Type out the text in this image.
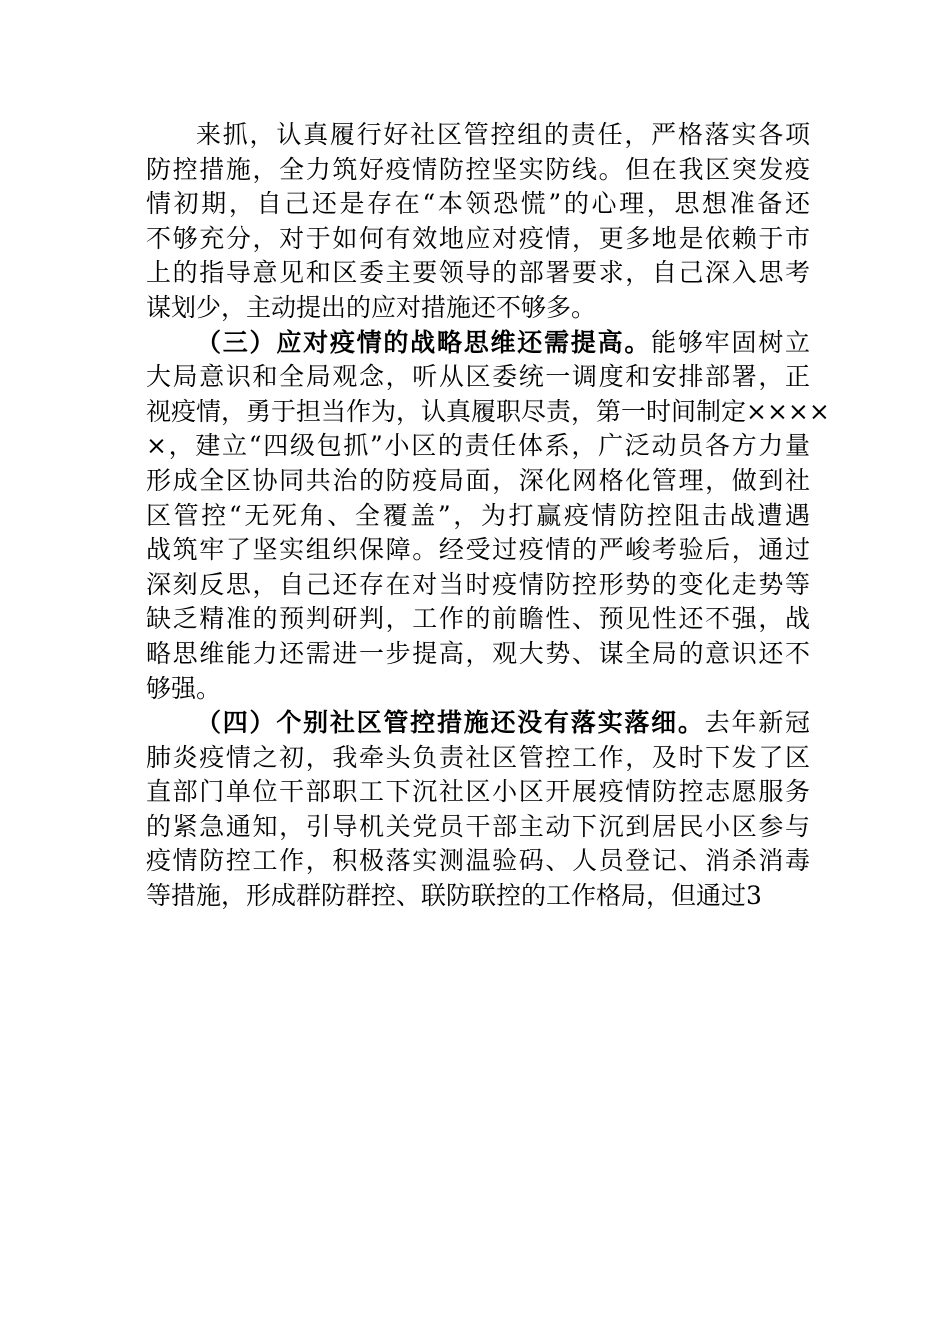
来抓，认真履行好社区管控组的责任，严格落实各项
防控措施，全力筑好疫情防控坚实防线。但在我区突发疫
情初期，自己还是存在“本领恐慌”的心理，思想准备还
不够充分，对于如何有效地应对疫情，更多地是依赖于市
上的指导意见和区委主要领导的部署要求，自己深入思考
谋划少，主动提出的应对措施还不够多。
（三）应对疫情的战略思维还需提高。能够牢固树立
大局意识和全局观念，听从区委统一调度和安排部署，正
视疫情，勇于担当作为，认真履职尽责，第一时间制定××××
×，建立“四级包抓”小区的责任体系，广泛动员各方力量
形成全区协同共治的防疫局面，深化网格化管理，做到社
区管控“无死角、全覆盖”，为打赢疫情防控阻击战遭遇
战筑牢了坚实组织保障。经受过疫情的严峻考验后，通过
深刻反思，自己还存在对当时疫情防控形势的变化走势等
缺乏精准的预判研判，工作的前瞻性、预见性还不强，战
略思维能力还需进一步提高，观大势、谋全局的意识还不
够强。
（四）个别社区管控措施还没有落实落细。去年新冠
肺炎疫情之初，我牵头负责社区管控工作，及时下发了区
直部门单位干部职工下沉社区小区开展疫情防控志愿服务
的紧急通知，引导机关党员干部主动下沉到居民小区参与
疫情防控工作，积极落实测温验码、人员登记、消杀消毒
等措施，形成群防群控、联防联控的工作格局，但通过3
